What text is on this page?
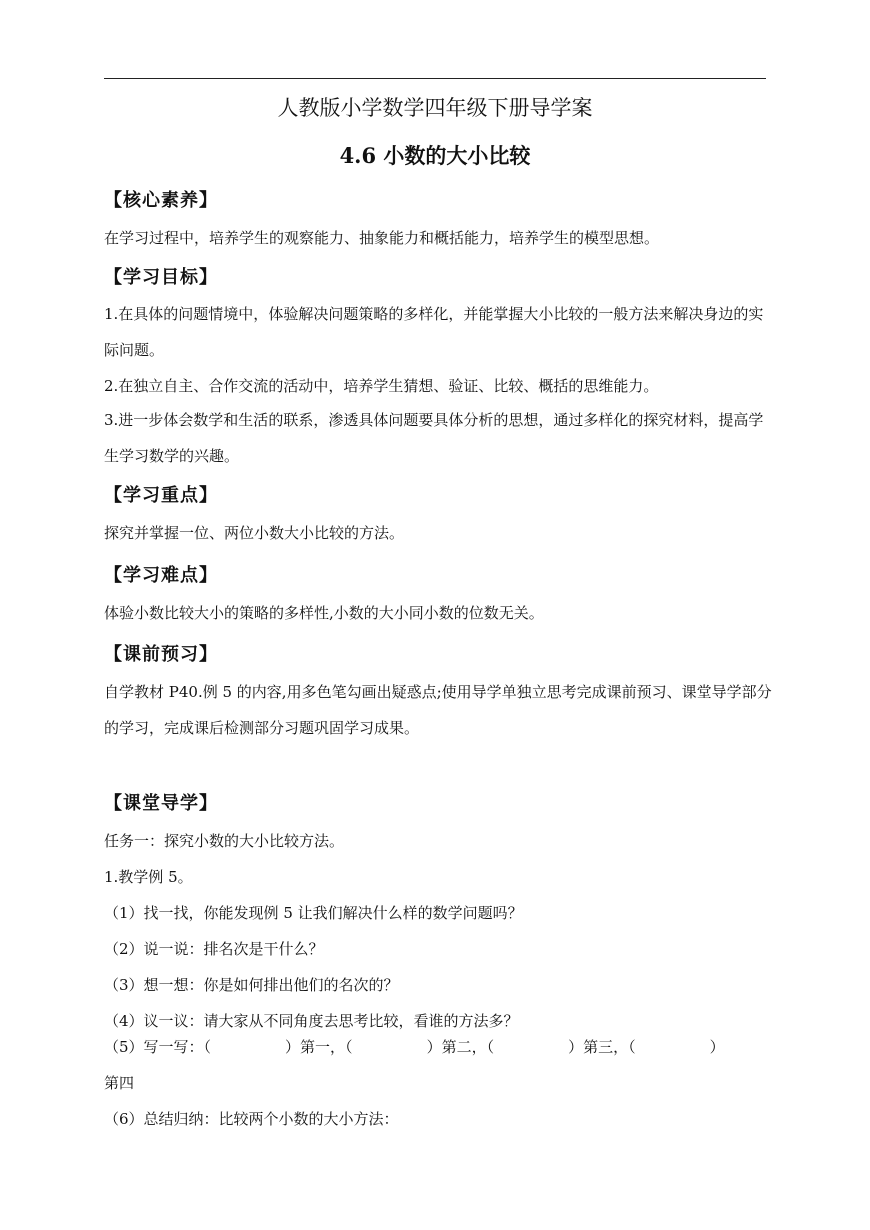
人教版小学数学四年级下册导学案
4.6 小数的大小比较
【核心素养】
在学习过程中，培养学生的观察能力、抽象能力和概括能力，培养学生的模型思想。
【学习目标】
1.在具体的问题情境中，体验解决问题策略的多样化，并能掌握大小比较的一般方法来解决身边的实际问题。
2.在独立自主、合作交流的活动中，培养学生猜想、验证、比较、概括的思维能力。
3.进一步体会数学和生活的联系，渗透具体问题要具体分析的思想，通过多样化的探究材料，提高学生学习数学的兴趣。
【学习重点】
探究并掌握一位、两位小数大小比较的方法。
【学习难点】
体验小数比较大小的策略的多样性,小数的大小同小数的位数无关。
【课前预习】
自学教材 P40.例 5 的内容,用多色笔勾画出疑惑点;使用导学单独立思考完成课前预习、课堂导学部分的学习，完成课后检测部分习题巩固学习成果。
【课堂导学】
任务一：探究小数的大小比较方法。
1.教学例 5。
（1）找一找，你能发现例 5 让我们解决什么样的数学问题吗？
（2）说一说：排名次是干什么？
（3）想一想：你是如何排出他们的名次的？
（4）议一议：请大家从不同角度去思考比较，看谁的方法多？
（5）写一写：（	）第一，（	）第二，（	）第三，（	）
第四
（6）总结归纳：比较两个小数的大小方法：
